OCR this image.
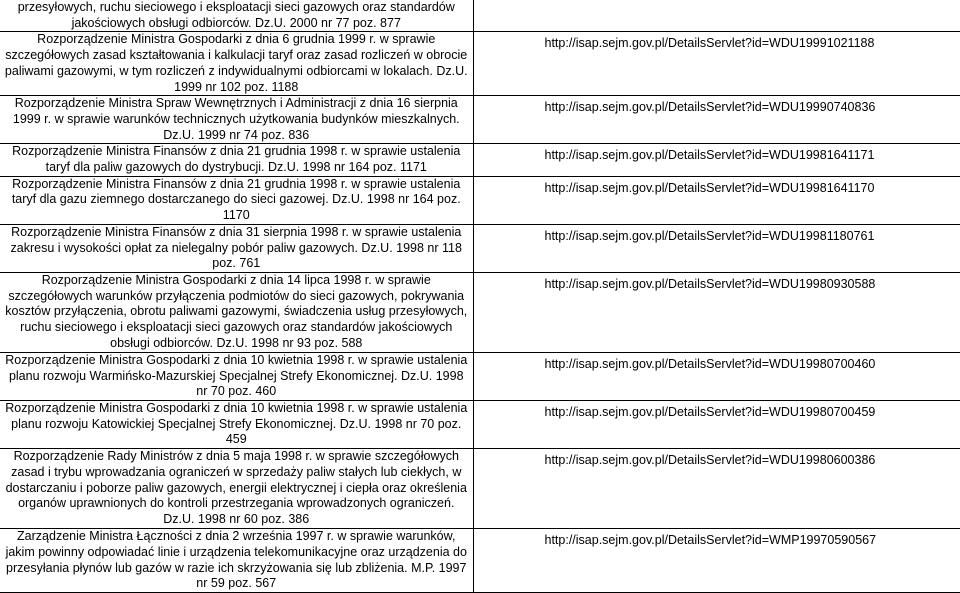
przesyłowych, ruchu sieciowego i eksploatacji sieci gazowych oraz standardów jakościowych obsługi odbiorców. Dz.U. 2000 nr 77 poz. 877	
Rozporządzenie Ministra Gospodarki z dnia 6 grudnia 1999 r. w sprawie szczegółowych zasad kształtowania i kalkulacji taryf oraz zasad rozliczeń w obrocie paliwami gazowymi, w tym rozliczeń z indywidualnymi odbiorcami w lokalach. Dz.U. 1999 nr 102 poz. 1188	http://isap.sejm.gov.pl/DetailsServlet?id=WDU19991021188
Rozporządzenie Ministra Spraw Wewnętrznych i Administracji z dnia 16 sierpnia 1999 r. w sprawie warunków technicznych użytkowania budynków mieszkalnych. Dz.U. 1999 nr 74 poz. 836	http://isap.sejm.gov.pl/DetailsServlet?id=WDU19990740836
Rozporządzenie Ministra Finansów z dnia 21 grudnia 1998 r. w sprawie ustalenia taryf dla paliw gazowych do dystrybucji. Dz.U. 1998 nr 164 poz. 1171	http://isap.sejm.gov.pl/DetailsServlet?id=WDU19981641171
Rozporządzenie Ministra Finansów z dnia 21 grudnia 1998 r. w sprawie ustalenia taryf dla gazu ziemnego dostarczanego do sieci gazowej. Dz.U. 1998 nr 164 poz. 1170	http://isap.sejm.gov.pl/DetailsServlet?id=WDU19981641170
Rozporządzenie Ministra Finansów z dnia 31 sierpnia 1998 r. w sprawie ustalenia zakresu i wysokości opłat za nielegalny pobór paliw gazowych. Dz.U. 1998 nr 118 poz. 761	http://isap.sejm.gov.pl/DetailsServlet?id=WDU19981180761
Rozporządzenie Ministra Gospodarki z dnia 14 lipca 1998 r. w sprawie szczegółowych warunków przyłączenia podmiotów do sieci gazowych, pokrywania kosztów przyłączenia, obrotu paliwami gazowymi, świadczenia usług przesyłowych, ruchu sieciowego i eksploatacji sieci gazowych oraz standardów jakościowych obsługi odbiorców. Dz.U. 1998 nr 93 poz. 588	http://isap.sejm.gov.pl/DetailsServlet?id=WDU19980930588
Rozporządzenie Ministra Gospodarki z dnia 10 kwietnia 1998 r. w sprawie ustalenia planu rozwoju Warmińsko-Mazurskiej Specjalnej Strefy Ekonomicznej. Dz.U. 1998 nr 70 poz. 460	http://isap.sejm.gov.pl/DetailsServlet?id=WDU19980700460
Rozporządzenie Ministra Gospodarki z dnia 10 kwietnia 1998 r. w sprawie ustalenia planu rozwoju Katowickiej Specjalnej Strefy Ekonomicznej. Dz.U. 1998 nr 70 poz. 459	http://isap.sejm.gov.pl/DetailsServlet?id=WDU19980700459
Rozporządzenie Rady Ministrów z dnia 5 maja 1998 r. w sprawie szczegółowych zasad i trybu wprowadzania ograniczeń w sprzedaży paliw stałych lub ciekłych, w dostarczaniu i poborze paliw gazowych, energii elektrycznej i ciepła oraz określenia organów uprawnionych do kontroli przestrzegania wprowadzonych ograniczeń. Dz.U. 1998 nr 60 poz. 386	http://isap.sejm.gov.pl/DetailsServlet?id=WDU19980600386
Zarządzenie Ministra Łączności z dnia 2 września 1997 r. w sprawie warunków, jakim powinny odpowiadać linie i urządzenia telekomunikacyjne oraz urządzenia do przesyłania płynów lub gazów w razie ich skrzyżowania się lub zbliżenia. M.P. 1997 nr 59 poz. 567	http://isap.sejm.gov.pl/DetailsServlet?id=WMP19970590567
